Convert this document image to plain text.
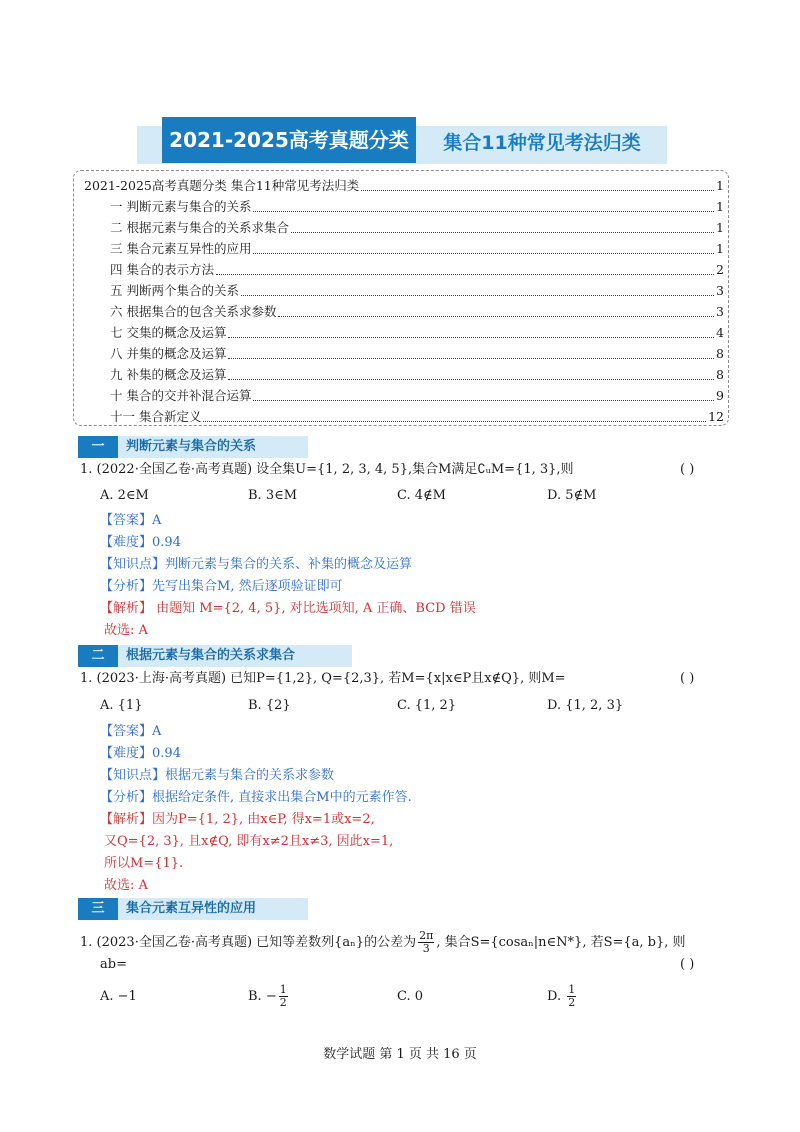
2021-2025高考真题分类	集合11种常见考法归类
2021-2025高考真题分类 集合11种常见考法归类	1
一 判断元素与集合的关系	1
二 根据元素与集合的关系求集合	1
三 集合元素互异性的应用	1
四 集合的表示方法	2
五 判断两个集合的关系	3
六 根据集合的包含关系求参数	3
七 交集的概念及运算	4
八 并集的概念及运算	8
九 补集的概念及运算	8
十 集合的交并补混合运算	9
十一 集合新定义	12
一	判断元素与集合的关系
1. (2022·全国乙卷·高考真题) 设全集U={1, 2, 3, 4, 5},集合M满足∁ᵤM={1, 3},则	( )
A. 2∈M	B. 3∈M	C. 4∉M	D. 5∉M
【答案】A
【难度】0.94
【知识点】判断元素与集合的关系、补集的概念及运算
【分析】先写出集合M, 然后逐项验证即可
【解析】 由题知 M={2, 4, 5}, 对比选项知, A 正确、BCD 错误
故选: A
二	根据元素与集合的关系求集合
1. (2023·上海·高考真题) 已知P={1,2}, Q={2,3}, 若M={x|x∈P且x∉Q}, 则M=	( )
A. {1}	B. {2}	C. {1, 2}	D. {1, 2, 3}
【答案】A
【难度】0.94
【知识点】根据元素与集合的关系求参数
【分析】根据给定条件, 直接求出集合M中的元素作答.
【解析】因为P={1, 2}, 由x∈P, 得x=1或x=2,
又Q={2, 3}, 且x∉Q, 即有x≠2且x≠3, 因此x=1,
所以M={1}.
故选: A
三	集合元素互异性的应用
1. (2023·全国乙卷·高考真题) 已知等差数列{aₙ}的公差为 $\frac{2\pi}{3}$ , 集合S={cosaₙ|n∈N*}, 若S={a, b}, 则
ab=	( )
A. −1	B. − $\frac{1}{2}$	C. 0	D. $\frac{1}{2}$
数学试题 第 1 页 共 16 页
